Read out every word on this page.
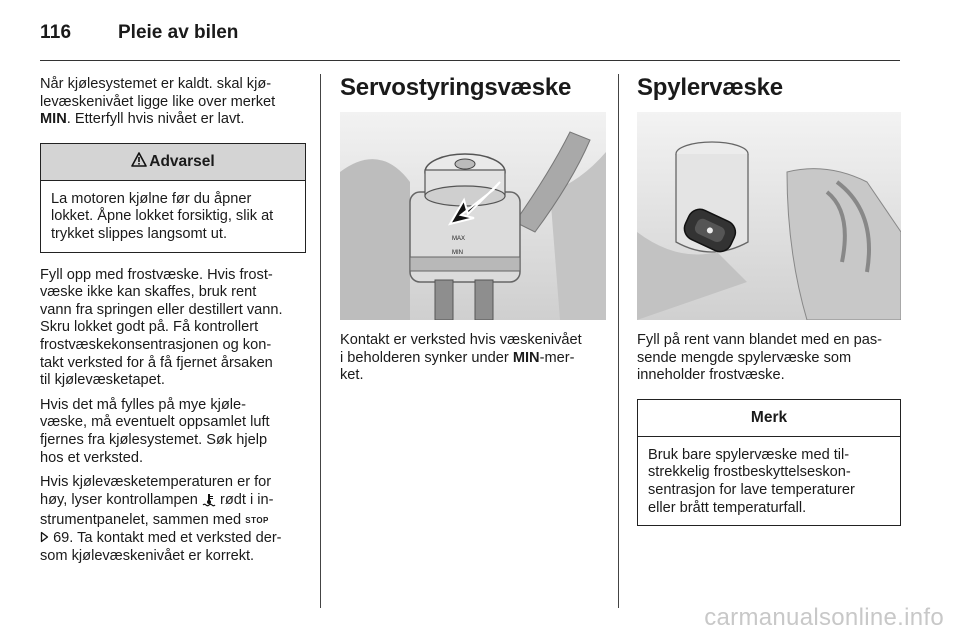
116 Pleie av bilen

Når kjølesystemet er kaldt. skal kjø-
levæskenivået ligge like over merket
MIN. Etterfyll hvis nivået er lavt.

Advarsel
La motoren kjølne før du åpner
lokket. Åpne lokket forsiktig, slik at
trykket slippes langsomt ut.

Fyll opp med frostvæske. Hvis frost-
væske ikke kan skaffes, bruk rent
vann fra springen eller destillert vann.
Skru lokket godt på. Få kontrollert
frostvæskekonsentrasjonen og kon-
takt verksted for å få fjernet årsaken
til kjølevæsketapet.

Hvis det må fylles på mye kjøle-
væske, må eventuelt oppsamlet luft
fjernes fra kjølesystemet. Søk hjelp
hos et verksted.

Hvis kjølevæsketemperaturen er for
høy, lyser kontrollampen rødt i in-
strumentpanelet, sammen med STOP
69. Ta kontakt med et verksted der-
som kjølevæskenivået er korrekt.

Servostyringsvæske
MAX
MIN

Kontakt er verksted hvis væskenivået
i beholderen synker under MIN-mer-
ket.

Spylervæske

Fyll på rent vann blandet med en pas-
sende mengde spylervæske som
inneholder frostvæske.

Merk
Bruk bare spylervæske med til-
strekkelig frostbeskyttelseskon-
sentrasjon for lave temperaturer
eller brått temperaturfall.
carmanualsonline.info
